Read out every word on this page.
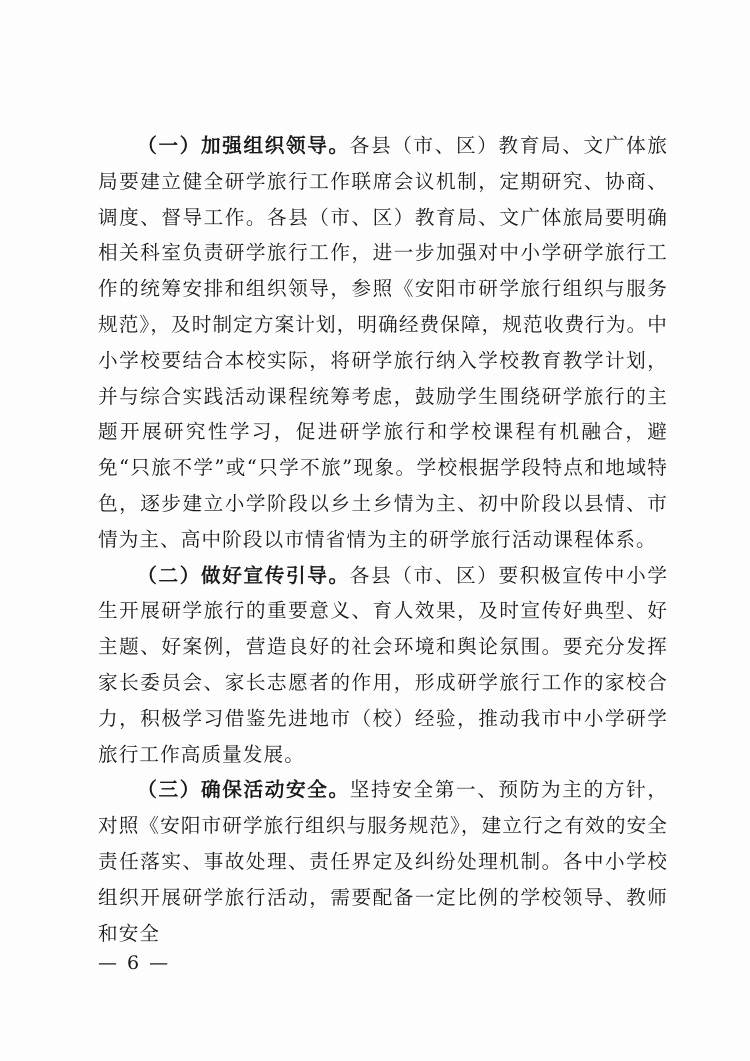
（一）加强组织领导。各县（市、区）教育局、文广体旅局要建立健全研学旅行工作联席会议机制，定期研究、协商、调度、督导工作。各县（市、区）教育局、文广体旅局要明确相关科室负责研学旅行工作，进一步加强对中小学研学旅行工作的统筹安排和组织领导，参照《安阳市研学旅行组织与服务规范》，及时制定方案计划，明确经费保障，规范收费行为。中小学校要结合本校实际，将研学旅行纳入学校教育教学计划，并与综合实践活动课程统筹考虑，鼓励学生围绕研学旅行的主题开展研究性学习，促进研学旅行和学校课程有机融合，避免“只旅不学”或“只学不旅”现象。学校根据学段特点和地域特色，逐步建立小学阶段以乡土乡情为主、初中阶段以县情、市情为主、高中阶段以市情省情为主的研学旅行活动课程体系。

（二）做好宣传引导。各县（市、区）要积极宣传中小学生开展研学旅行的重要意义、育人效果，及时宣传好典型、好主题、好案例，营造良好的社会环境和舆论氛围。要充分发挥家长委员会、家长志愿者的作用，形成研学旅行工作的家校合力，积极学习借鉴先进地市（校）经验，推动我市中小学研学旅行工作高质量发展。

（三）确保活动安全。坚持安全第一、预防为主的方针，对照《安阳市研学旅行组织与服务规范》，建立行之有效的安全责任落实、事故处理、责任界定及纠纷处理机制。各中小学校组织开展研学旅行活动，需要配备一定比例的学校领导、教师和安全

— 6 —
